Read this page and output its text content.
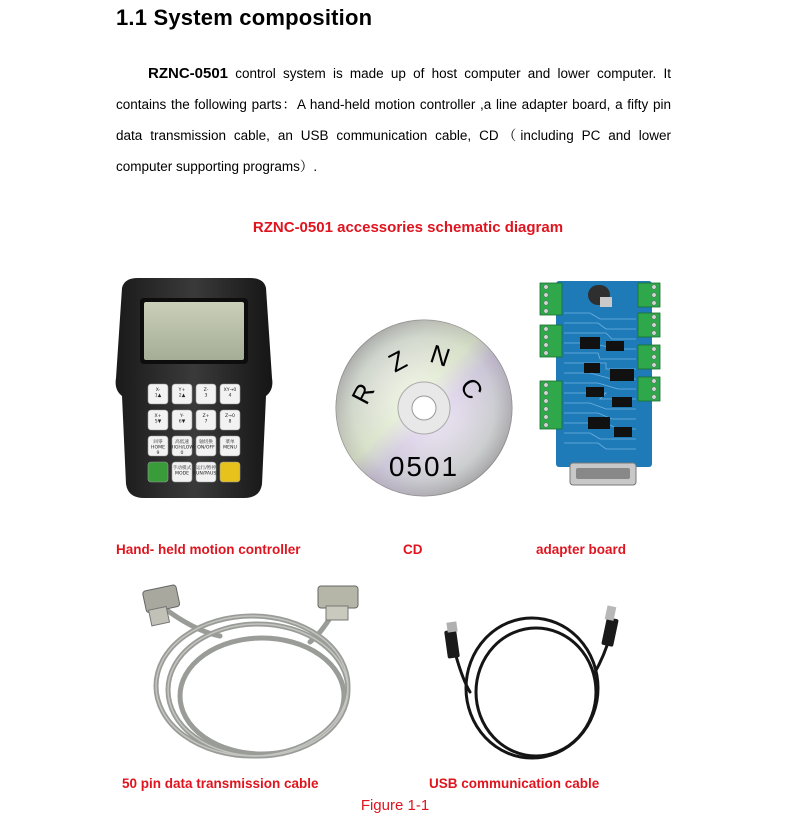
1.1 System composition
RZNC-0501 control system is made up of host computer and lower computer. It contains the following parts：A hand-held motion controller ,a line adapter board, a fifty pin data transmission cable, an USB communication cable, CD（including PC and lower computer supporting programs）.
RZNC-0501 accessories schematic diagram
X-
1▲
Y+
2▲
Z-
3
XY→0
4
X+
5▼
Y-
6▼
Z+
7
Z→0
8
回零
HOME
9
高低速
HIGH/LOW
0
轴切换
ON/OFF
菜单
MENU
手动模式
MODE
运行/暂停
RUN/PAUSE
R
Z N
C
0501
Hand- held motion controller	CD	adapter board
50 pin data transmission cable	USB communication cable
Figure 1-1
